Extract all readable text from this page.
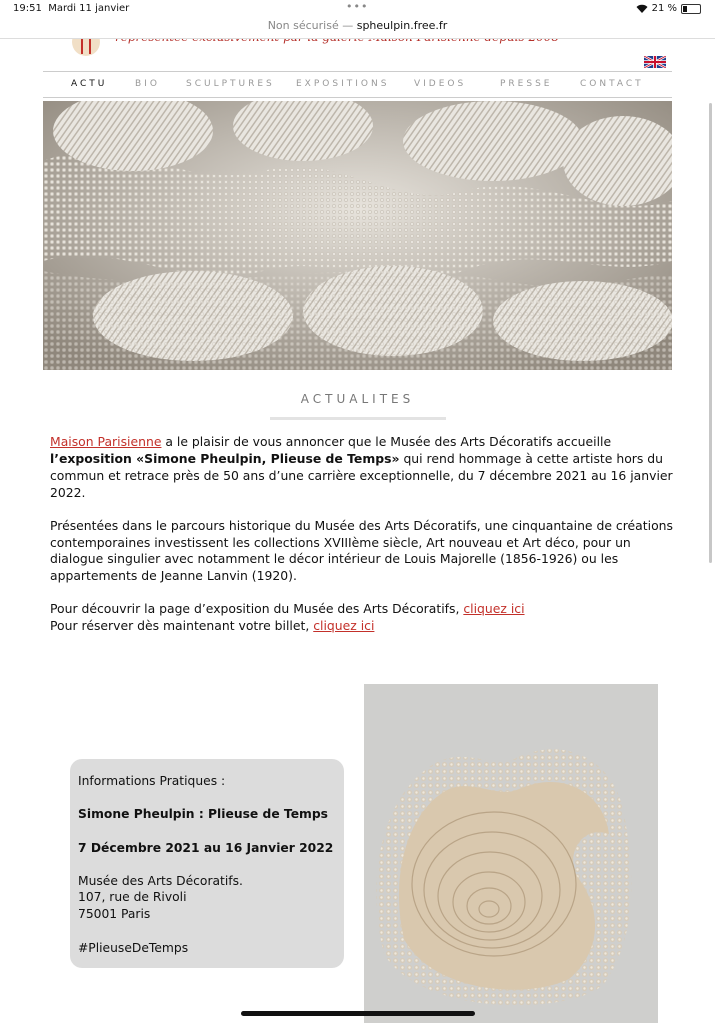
19:51 Mardi 11 janvier	•••
Non sécurisé — spheulpin.free.fr
21 %
ACTU	BIO	SCULPTURES EXPOSITIONS	VIDEOS	PRESSE	CONTACT
ACTUALITES

Maison Parisienne a le plaisir de vous annoncer que le Musée des Arts Décoratifs accueille l’exposition «Simone Pheulpin, Plieuse de Temps» qui rend hommage à cette artiste hors du commun et retrace près de 50 ans d’une carrière exceptionnelle, du 7 décembre 2021 au 16 janvier 2022.

Présentées dans le parcours historique du Musée des Arts Décoratifs, une cinquantaine de créations contemporaines investissent les collections XVIIIème siècle, Art nouveau et Art déco, pour un dialogue singulier avec notamment le décor intérieur de Louis Majorelle (1856-1926) ou les appartements de Jeanne Lanvin (1920).

Pour découvrir la page d’exposition du Musée des Arts Décoratifs, cliquez ici
Pour réserver dès maintenant votre billet, cliquez ici

Informations Pratiques :
Simone Pheulpin : Plieuse de Temps
7 Décembre 2021 au 16 Janvier 2022
Musée des Arts Décoratifs.
107, rue de Rivoli
75001 Paris
#PlieuseDeTemps
